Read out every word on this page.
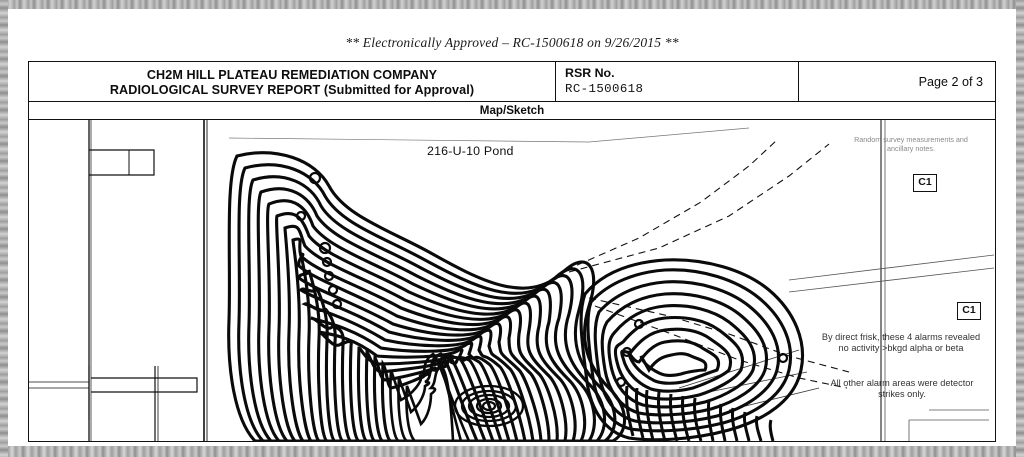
** Electronically Approved – RC-1500618 on 9/26/2015 **
CH2M HILL PLATEAU REMEDIATION COMPANY
RADIOLOGICAL SURVEY REPORT (Submitted for Approval)
RSR No.
RC-1500618
Page 2 of 3
Map/Sketch
216-U-10 Pond
Random survey measurements and ancillary notes.
By direct frisk, these 4 alarms revealed no activity >bkgd alpha or beta
All other alarm areas were detector strikes only.
C1
C1
